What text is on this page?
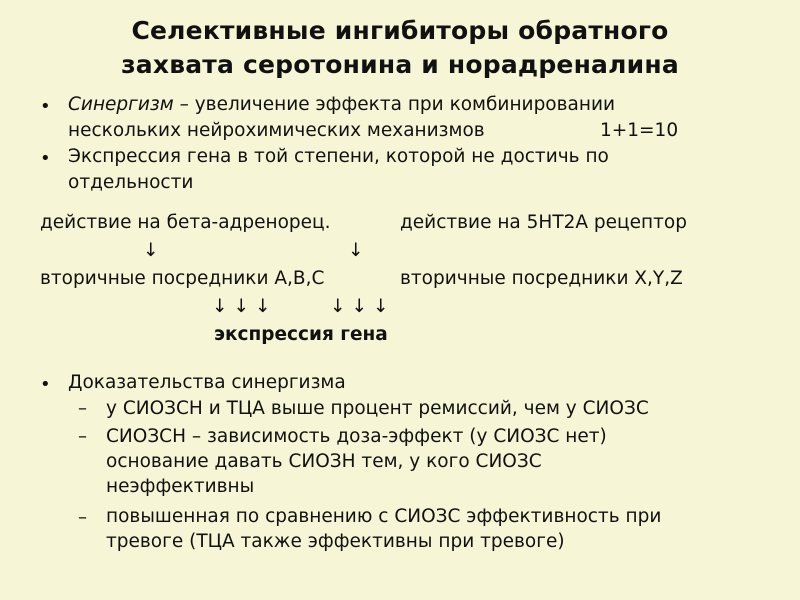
Селективные ингибиторы обратного
захвата серотонина и норадреналина
• Синергизм – увеличение эффекта при комбинировании
нескольких нейрохимических механизмов	1+1=10
• Экспрессия гена в той степени, которой не достичь по
отдельности
действие на бета-адренорец.	действие на 5НТ2А рецептор
↓	↓
вторичные посредники А,В,С	вторичные посредники Х,Y,Z
↓↓↓	↓↓↓
экспрессия гена
• Доказательства синергизма
– у СИОЗСН и ТЦА выше процент ремиссий, чем у СИОЗС
– СИОЗСН – зависимость доза-эффект (у СИОЗС нет)
основание давать СИОЗН тем, у кого СИОЗС
неэффективны
– повышенная по сравнению с СИОЗС эффективность при
тревоге (ТЦА также эффективны при тревоге)
